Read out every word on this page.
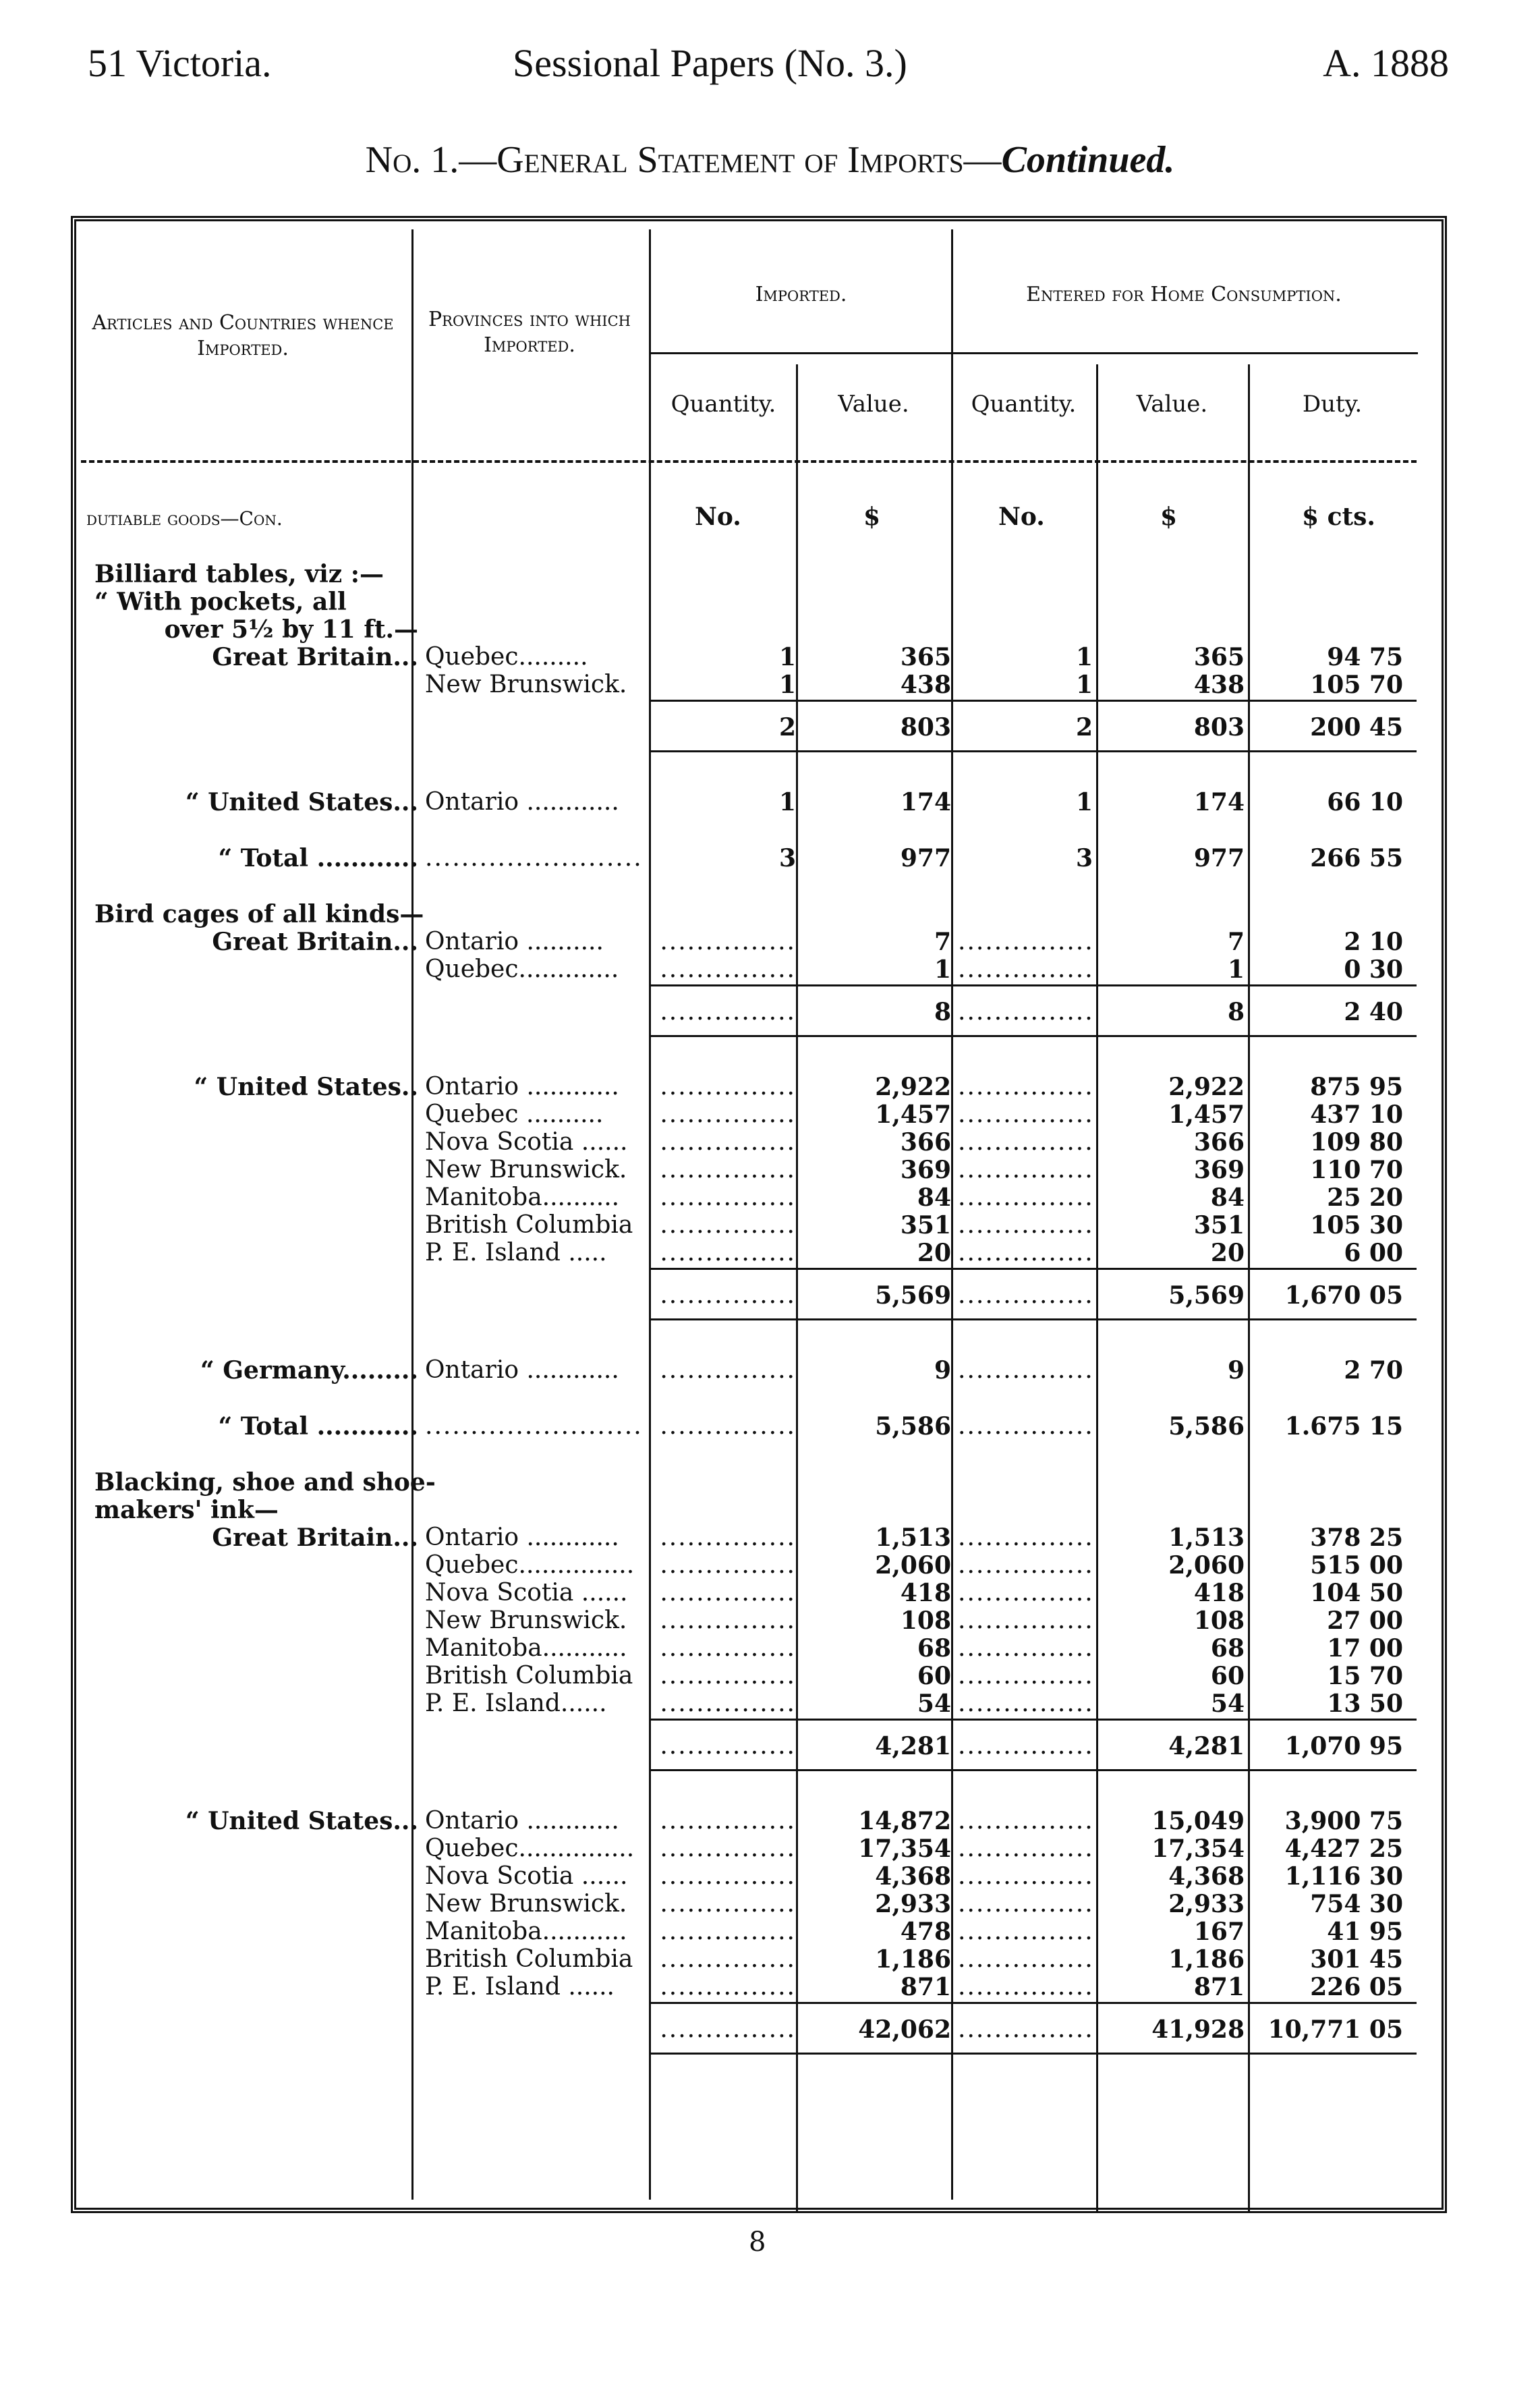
51 Victoria.	Sessional Papers (No. 3.)	A. 1888
No. 1.—General Statement of Imports—Continued.
Articles and Countries whence Imported.
Provinces into which Imported.
Imported.	Entered for Home Consumption.
Quantity.	Value.	Quantity.	Value.	Duty.
dutiable goods—Con.	No.	$	No.	$	$ cts.
Billiard tables, viz :—
“ With pockets, all
over 5½ by 11 ft.—
Great Britain... Quebec.........	1	365	1	365	94 75
New Brunswick.	1	438	1	438	105 70
2	803	2	803	200 45
“ United States... Ontario ............	1	174	1	174	66 10
“ Total ............ ........................	3	977	3	977	266 55
Bird cages of all kinds—
Great Britain... Ontario ..........	...............	7 ...............	7	2 10
Quebec.............	...............	1 ...............	1	0 30
...............	8 ...............	8	2 40
“ United States.. Ontario ............	...............	2,922 ...............	2,922	875 95
Quebec ..........	...............	1,457 ...............	1,457	437 10
Nova Scotia ......	...............	366 ...............	366	109 80
New Brunswick.	...............	369 ...............	369	110 70
Manitoba..........	...............	84 ...............	84	25 20
British Columbia	...............	351 ...............	351	105 30
P. E. Island .....	...............	20 ...............	20	6 00
...............	5,569 ...............	5,569	1,670 05
“ Germany......... Ontario ............	...............	9 ...............	9	2 70
“ Total ............ ........................ ...............	5,586 ...............	5,586	1.675 15
Blacking, shoe and shoe-
makers' ink—
Great Britain... Ontario ............	...............	1,513 ...............	1,513	378 25
Quebec...............	...............	2,060 ...............	2,060	515 00
Nova Scotia ......	...............	418 ...............	418	104 50
New Brunswick.	...............	108 ...............	108	27 00
Manitoba...........	...............	68 ...............	68	17 00
British Columbia	...............	60 ...............	60	15 70
P. E. Island......	...............	54 ...............	54	13 50
...............	4,281 ...............	4,281	1,070 95
“ United States... Ontario ............	...............	14,872 ...............	15,049	3,900 75
Quebec...............	...............	17,354 ...............	17,354	4,427 25
Nova Scotia ......	...............	4,368 ...............	4,368	1,116 30
New Brunswick.	...............	2,933 ...............	2,933	754 30
Manitoba...........	...............	478 ...............	167	41 95
British Columbia	...............	1,186 ...............	1,186	301 45
P. E. Island ......	...............	871 ...............	871	226 05
...............	42,062 ...............	41,928 10,771 05
8
